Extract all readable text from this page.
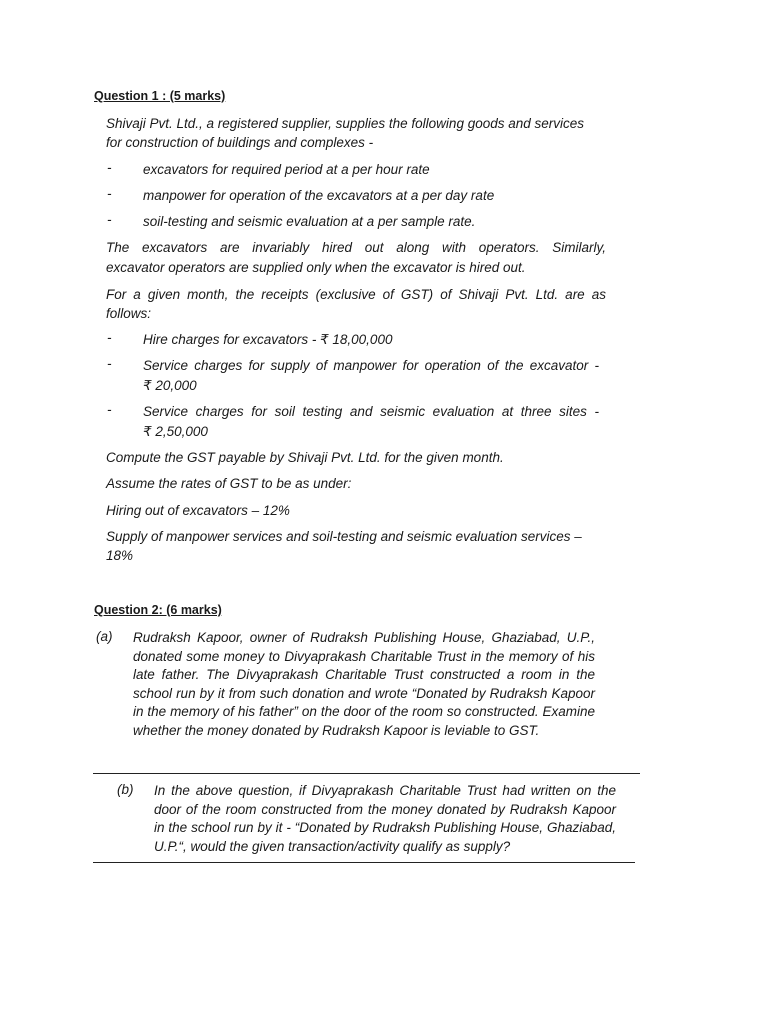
Question 1 : (5 marks)
Shivaji Pvt. Ltd., a registered supplier, supplies the following goods and services
for construction of buildings and complexes -
- excavators for required period at a per hour rate
- manpower for operation of the excavators at a per day rate
- soil-testing and seismic evaluation at a per sample rate.
The excavators are invariably hired out along with operators. Similarly,
excavator operators are supplied only when the excavator is hired out.
For a given month, the receipts (exclusive of GST) of Shivaji Pvt. Ltd. are as
follows:
- Hire charges for excavators - ₹ 18,00,000
- Service charges for supply of manpower for operation of the excavator -
₹ 20,000
- Service charges for soil testing and seismic evaluation at three sites -
₹ 2,50,000
Compute the GST payable by Shivaji Pvt. Ltd. for the given month.
Assume the rates of GST to be as under:
Hiring out of excavators – 12%
Supply of manpower services and soil-testing and seismic evaluation services –
18%
Question 2: (6 marks)
(a) Rudraksh Kapoor, owner of Rudraksh Publishing House, Ghaziabad, U.P., donated some money to Divyaprakash Charitable Trust in the memory of his late father. The Divyaprakash Charitable Trust constructed a room in the school run by it from such donation and wrote “Donated by Rudraksh Kapoor in the memory of his father” on the door of the room so constructed. Examine whether the money donated by Rudraksh Kapoor is leviable to GST.
(b) In the above question, if Divyaprakash Charitable Trust had written on the door of the room constructed from the money donated by Rudraksh Kapoor in the school run by it - “Donated by Rudraksh Publishing House, Ghaziabad, U.P.“, would the given transaction/activity qualify as supply?
